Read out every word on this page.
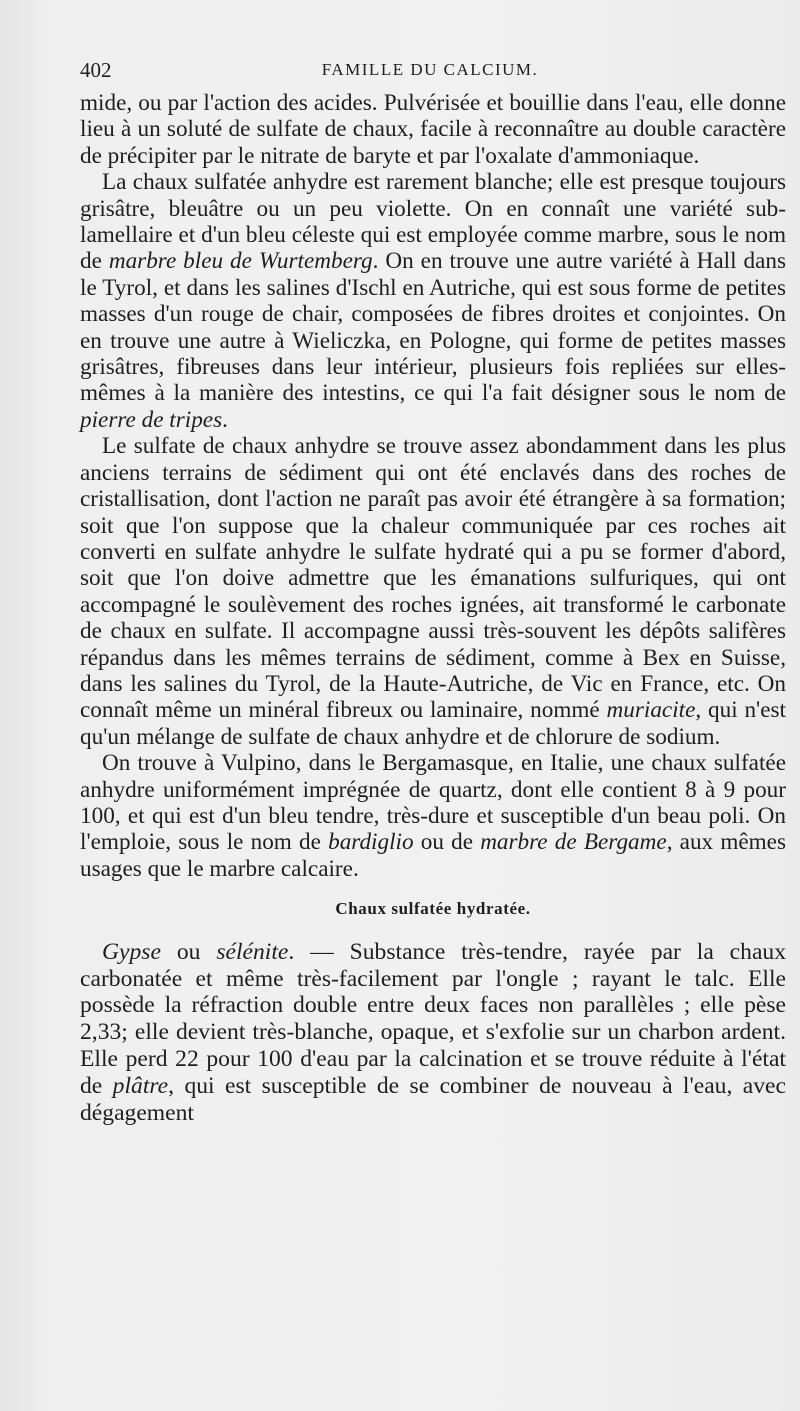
402	FAMILLE DU CALCIUM.

mide, ou par l'action des acides. Pulvérisée et bouillie dans l'eau, elle donne lieu à un soluté de sulfate de chaux, facile à reconnaître au double caractère de précipiter par le nitrate de baryte et par l'oxalate d'ammoniaque.

La chaux sulfatée anhydre est rarement blanche; elle est presque toujours grisâtre, bleuâtre ou un peu violette. On en connaît une variété sub-lamellaire et d'un bleu céleste qui est employée comme marbre, sous le nom de marbre bleu de Wurtemberg. On en trouve une autre variété à Hall dans le Tyrol, et dans les salines d'Ischl en Autriche, qui est sous forme de petites masses d'un rouge de chair, composées de fibres droites et conjointes. On en trouve une autre à Wieliczka, en Pologne, qui forme de petites masses grisâtres, fibreuses dans leur intérieur, plusieurs fois repliées sur elles-mêmes à la manière des intestins, ce qui l'a fait désigner sous le nom de pierre de tripes.

Le sulfate de chaux anhydre se trouve assez abondamment dans les plus anciens terrains de sédiment qui ont été enclavés dans des roches de cristallisation, dont l'action ne paraît pas avoir été étrangère à sa formation; soit que l'on suppose que la chaleur communiquée par ces roches ait converti en sulfate anhydre le sulfate hydraté qui a pu se former d'abord, soit que l'on doive admettre que les émanations sulfuriques, qui ont accompagné le soulèvement des roches ignées, ait transformé le carbonate de chaux en sulfate. Il accompagne aussi très-souvent les dépôts salifères répandus dans les mêmes terrains de sédiment, comme à Bex en Suisse, dans les salines du Tyrol, de la Haute-Autriche, de Vic en France, etc. On connaît même un minéral fibreux ou laminaire, nommé muriacite, qui n'est qu'un mélange de sulfate de chaux anhydre et de chlorure de sodium.

On trouve à Vulpino, dans le Bergamasque, en Italie, une chaux sulfatée anhydre uniformément imprégnée de quartz, dont elle contient 8 à 9 pour 100, et qui est d'un bleu tendre, très-dure et susceptible d'un beau poli. On l'emploie, sous le nom de bardiglio ou de marbre de Bergame, aux mêmes usages que le marbre calcaire.

Chaux sulfatée hydratée.

Gypse ou sélénite. — Substance très-tendre, rayée par la chaux carbonatée et même très-facilement par l'ongle ; rayant le talc. Elle possède la réfraction double entre deux faces non parallèles ; elle pèse 2,33; elle devient très-blanche, opaque, et s'exfolie sur un charbon ardent. Elle perd 22 pour 100 d'eau par la calcination et se trouve réduite à l'état de plâtre, qui est susceptible de se combiner de nouveau à l'eau, avec dégagement
